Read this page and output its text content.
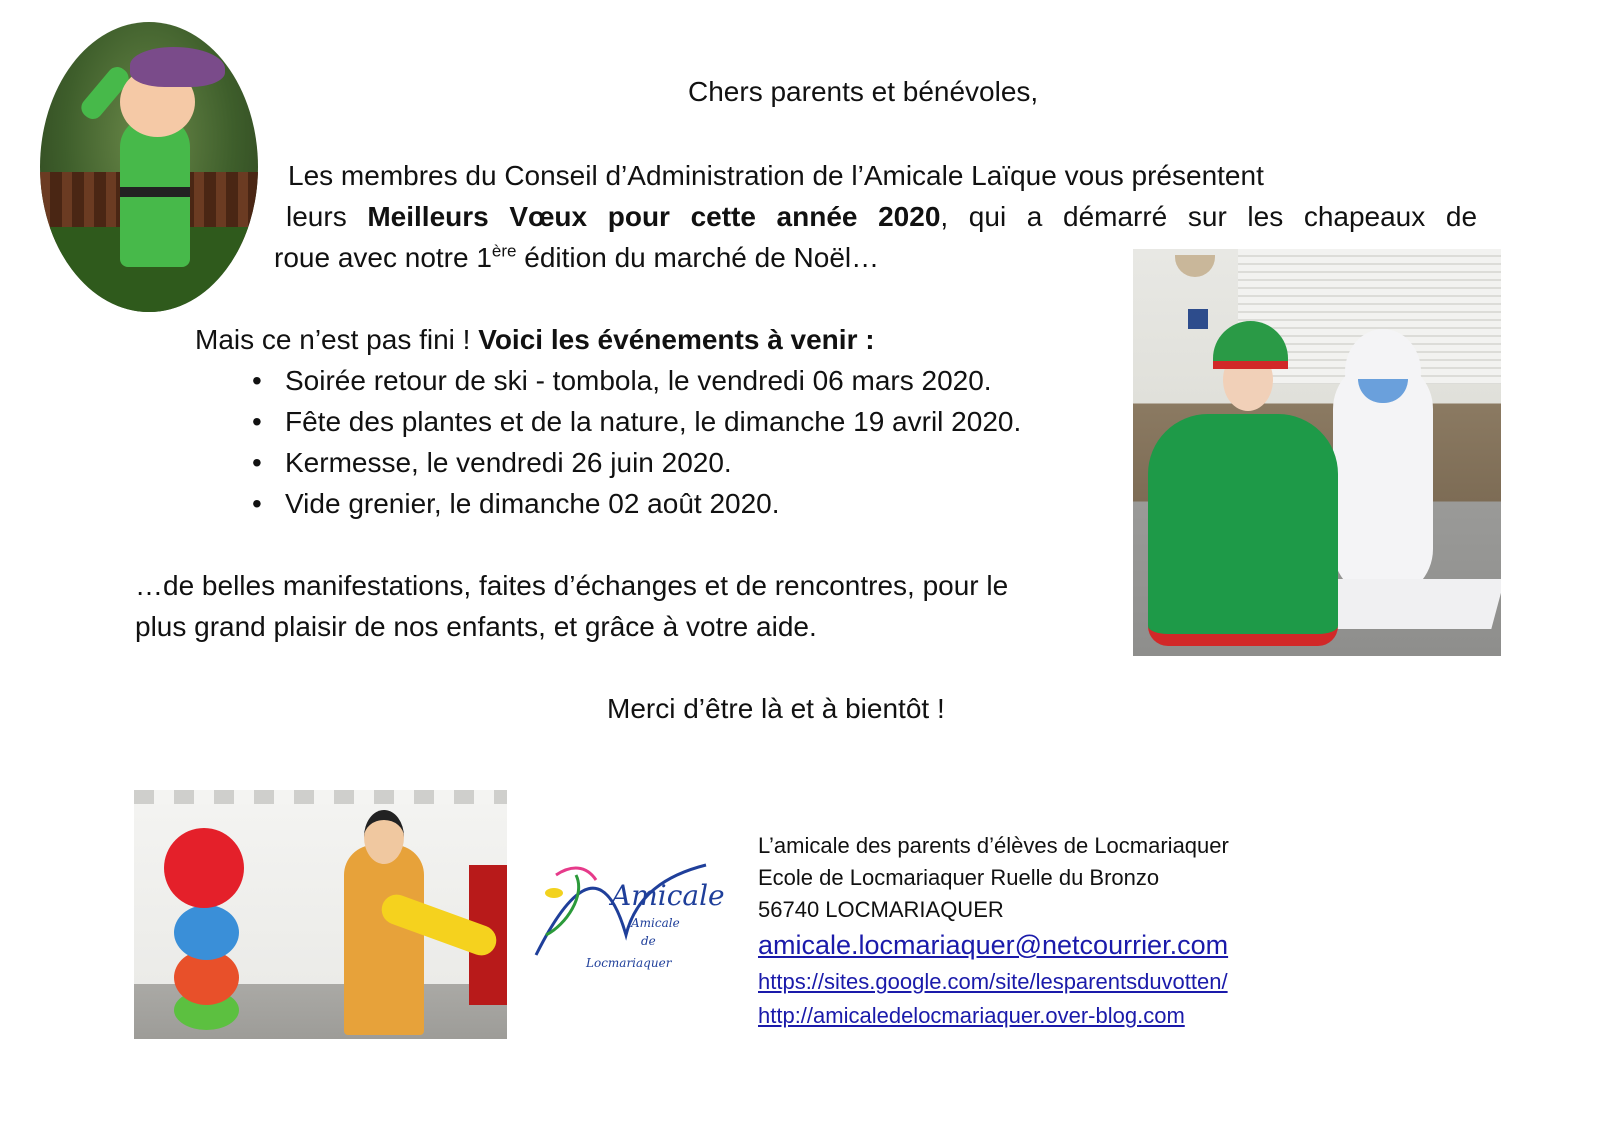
Chers parents et bénévoles,
Les membres du Conseil d’Administration de l’Amicale Laïque vous présentent
leurs Meilleurs Vœux pour cette année 2020, qui a démarré sur les chapeaux de
roue avec notre 1ère édition du marché de Noël…
Mais ce n’est pas fini ! Voici les événements à venir :
• Soirée retour de ski - tombola, le vendredi 06 mars 2020.
• Fête des plantes et de la nature, le dimanche 19 avril 2020.
• Kermesse, le vendredi 26 juin 2020.
• Vide grenier, le dimanche 02 août 2020.
…de belles manifestations, faites d’échanges et de rencontres, pour le
plus grand plaisir de nos enfants, et grâce à votre aide.
Merci d’être là et à bientôt !
Amicale
Amicale
de
Locmariaquer
L’amicale des parents d’élèves de Locmariaquer
Ecole de Locmariaquer Ruelle du Bronzo
56740 LOCMARIAQUER
amicale.locmariaquer@netcourrier.com
https://sites.google.com/site/lesparentsduvotten/
http://amicaledelocmariaquer.over-blog.com
